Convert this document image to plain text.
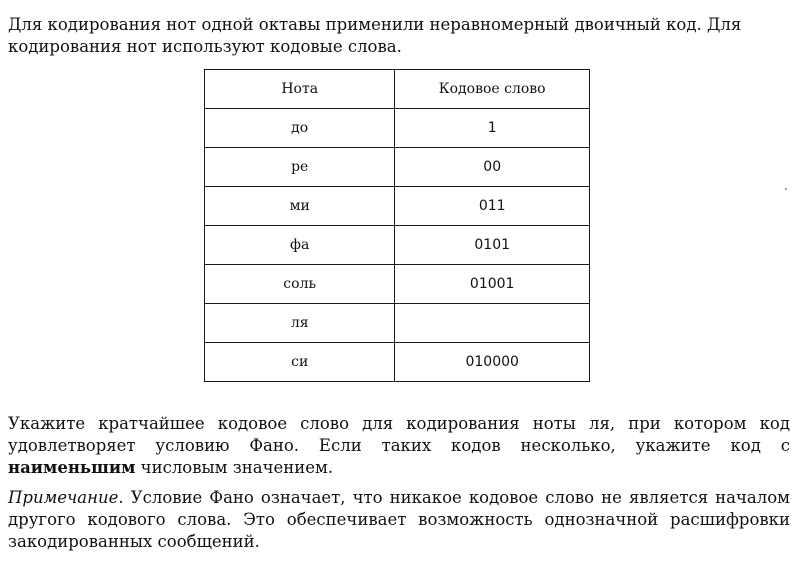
Для кодирования нот одной октавы применили неравномерный двоичный код. Для
кодирования нот используют кодовые слова.

Нота	Кодовое слово
до	1
ре	00
ми	011
фа	0101
соль	01001
ля	
си	010000

Укажите кратчайшее кодовое слово для кодирования ноты ля, при котором код удовлетворяет условию Фано. Если таких кодов несколько, укажите код с наименьшим числовым значением.

Примечание. Условие Фано означает, что никакое кодовое слово не является началом другого кодового слова. Это обеспечивает возможность однозначной расшифровки закодированных сообщений.
